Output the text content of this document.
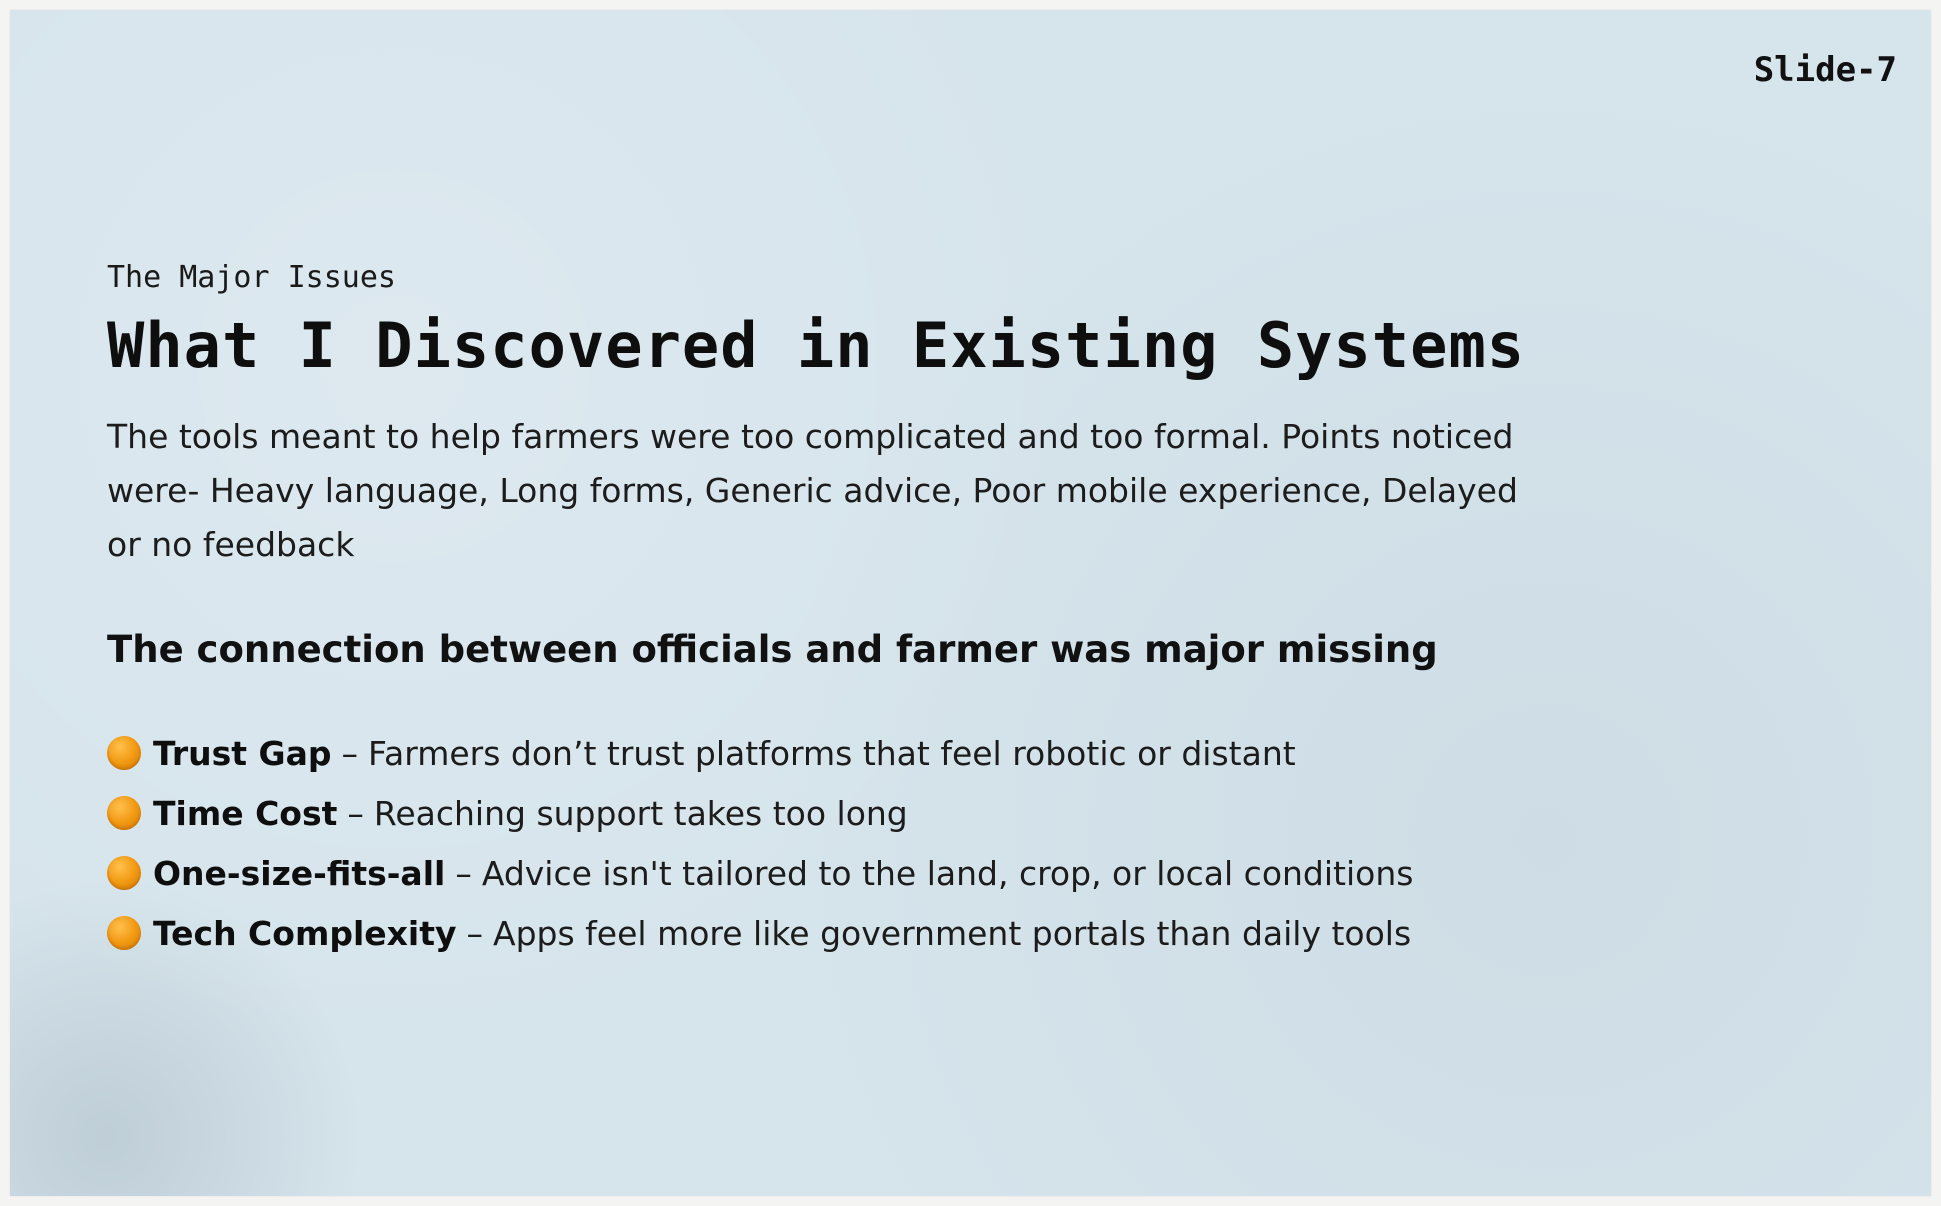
Slide-7
The Major Issues
What I Discovered in Existing Systems
The tools meant to help farmers were too complicated and too formal. Points noticed were- Heavy language, Long forms, Generic advice, Poor mobile experience, Delayed or no feedback
The connection between officials and farmer was major missing
Trust Gap – Farmers don’t trust platforms that feel robotic or distant
Time Cost – Reaching support takes too long
One-size-fits-all – Advice isn't tailored to the land, crop, or local conditions
Tech Complexity – Apps feel more like government portals than daily tools
